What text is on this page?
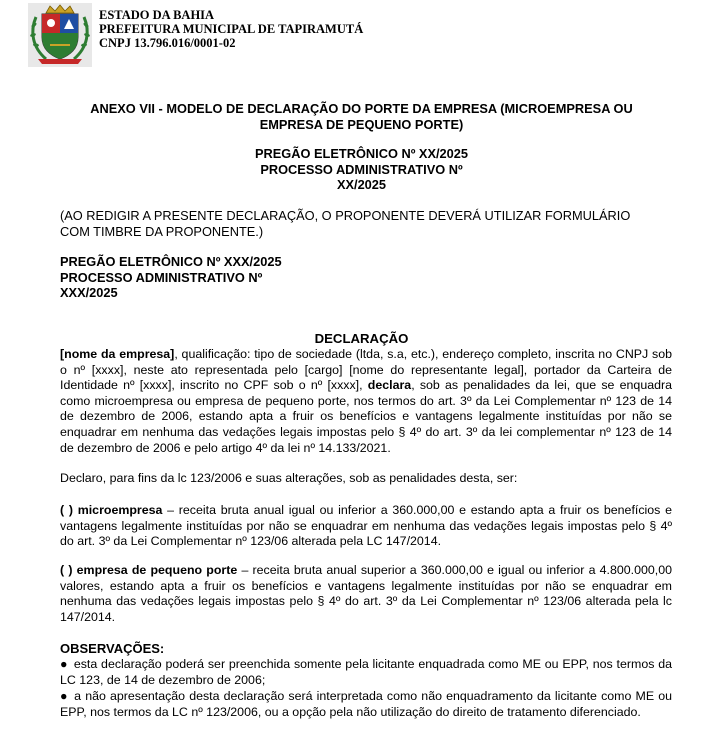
ESTADO DA BAHIA
PREFEITURA MUNICIPAL DE TAPIRAMUTÁ
CNPJ 13.796.016/0001-02
ANEXO VII - MODELO DE DECLARAÇÃO DO PORTE DA EMPRESA (MICROEMPRESA OU
EMPRESA DE PEQUENO PORTE)
PREGÃO ELETRÔNICO Nº XX/2025
PROCESSO ADMINISTRATIVO Nº
XX/2025
(AO REDIGIR A PRESENTE DECLARAÇÃO, O PROPONENTE DEVERÁ UTILIZAR FORMULÁRIO
COM TIMBRE DA PROPONENTE.)
PREGÃO ELETRÔNICO Nº XXX/2025
PROCESSO ADMINISTRATIVO Nº
XXX/2025
DECLARAÇÃO
[nome da empresa], qualificação: tipo de sociedade (ltda, s.a, etc.), endereço completo, inscrita no CNPJ sob o nº [xxxx], neste ato representada pelo [cargo] [nome do representante legal], portador da Carteira de Identidade nº [xxxx], inscrito no CPF sob o nº [xxxx], declara, sob as penalidades da lei, que se enquadra como microempresa ou empresa de pequeno porte, nos termos do art. 3º da Lei Complementar nº 123 de 14 de dezembro de 2006, estando apta a fruir os benefícios e vantagens legalmente instituídas por não se enquadrar em nenhuma das vedações legais impostas pelo § 4º do art. 3º da lei complementar nº 123 de 14 de dezembro de 2006 e pelo artigo 4º da lei nº 14.133/2021.
Declaro, para fins da lc 123/2006 e suas alterações, sob as penalidades desta, ser:
( ) microempresa – receita bruta anual igual ou inferior a 360.000,00 e estando apta a fruir os benefícios e vantagens legalmente instituídas por não se enquadrar em nenhuma das vedações legais impostas pelo § 4º do art. 3º da Lei Complementar nº 123/06 alterada pela LC 147/2014.
( ) empresa de pequeno porte – receita bruta anual superior a 360.000,00 e igual ou inferior a 4.800.000,00 valores, estando apta a fruir os benefícios e vantagens legalmente instituídas por não se enquadrar em nenhuma das vedações legais impostas pelo § 4º do art. 3º da Lei Complementar nº 123/06 alterada pela lc 147/2014.
OBSERVAÇÕES:
● esta declaração poderá ser preenchida somente pela licitante enquadrada como ME ou EPP, nos termos da LC 123, de 14 de dezembro de 2006;
● a não apresentação desta declaração será interpretada como não enquadramento da licitante como ME ou EPP, nos termos da LC nº 123/2006, ou a opção pela não utilização do direito de tratamento diferenciado.
